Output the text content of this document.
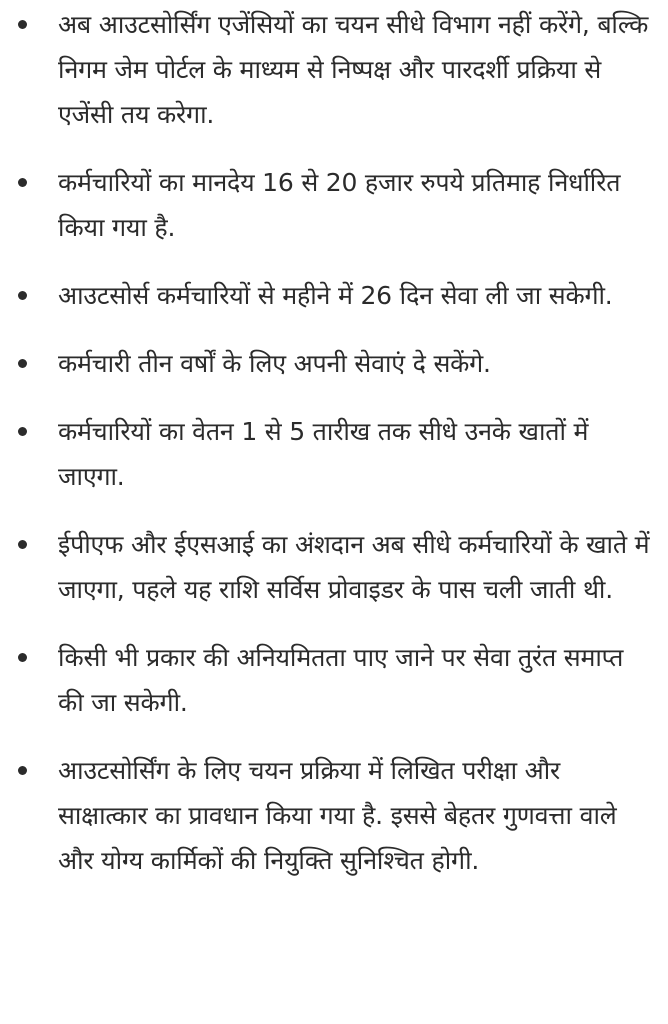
अब आउटसोर्सिंग एजेंसियों का चयन सीधे विभाग नहीं करेंगे, बल्कि निगम जेम पोर्टल के माध्यम से निष्पक्ष और पारदर्शी प्रक्रिया से एजेंसी तय करेगा.
कर्मचारियों का मानदेय 16 से 20 हजार रुपये प्रतिमाह निर्धारित किया गया है.
आउटसोर्स कर्मचारियों से महीने में 26 दिन सेवा ली जा सकेगी.
कर्मचारी तीन वर्षों के लिए अपनी सेवाएं दे सकेंगे.
कर्मचारियों का वेतन 1 से 5 तारीख तक सीधे उनके खातों में जाएगा.
ईपीएफ और ईएसआई का अंशदान अब सीधे कर्मचारियों के खाते में जाएगा, पहले यह राशि सर्विस प्रोवाइडर के पास चली जाती थी.
किसी भी प्रकार की अनियमितता पाए जाने पर सेवा तुरंत समाप्त की जा सकेगी.
आउटसोर्सिंग के लिए चयन प्रक्रिया में लिखित परीक्षा और साक्षात्कार का प्रावधान किया गया है. इससे बेहतर गुणवत्ता वाले और योग्य कार्मिकों की नियुक्ति सुनिश्चित होगी.
